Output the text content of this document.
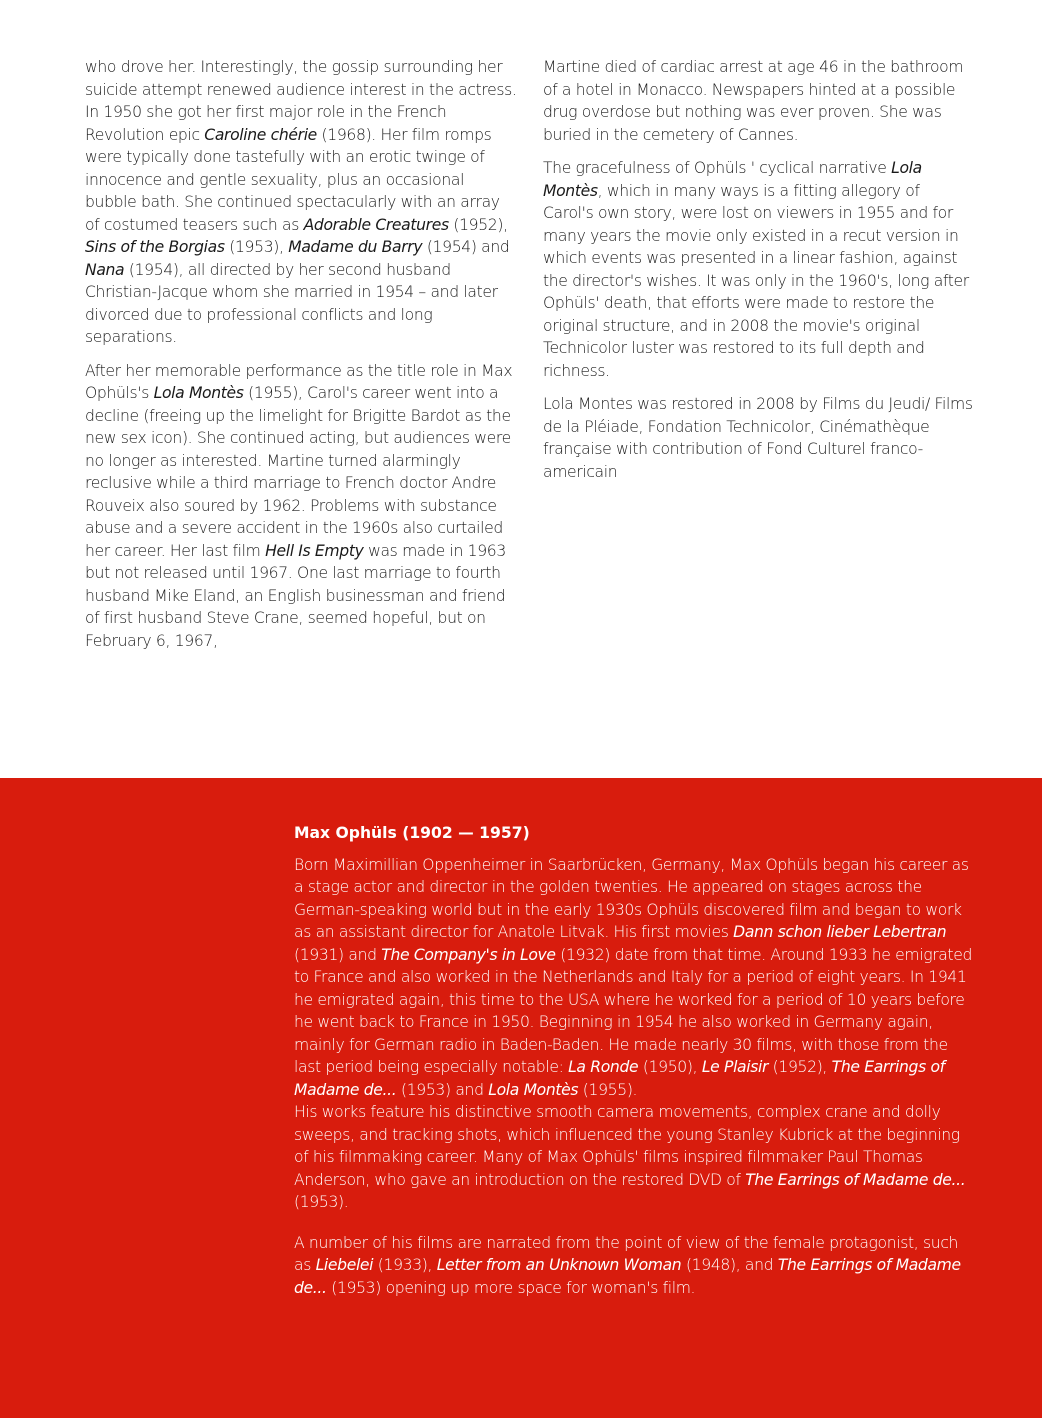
who drove her. Interestingly, the gossip surrounding her suicide attempt renewed audience interest in the actress. In 1950 she got her first major role in the French Revolution epic Caroline chérie (1968). Her film romps were typically done tastefully with an erotic twinge of innocence and gentle sexuality, plus an occasional bubble bath. She continued spectacularly with an array of costumed teasers such as Adorable Creatures (1952), Sins of the Borgias (1953), Madame du Barry (1954) and Nana (1954), all directed by her second husband Christian-Jacque whom she married in 1954 – and later divorced due to professional conflicts and long separations.

After her memorable performance as the title role in Max Ophüls's Lola Montès (1955), Carol's career went into a decline (freeing up the limelight for Brigitte Bardot as the new sex icon). She continued acting, but audiences were no longer as interested. Martine turned alarmingly reclusive while a third marriage to French doctor Andre Rouveix also soured by 1962. Problems with substance abuse and a severe accident in the 1960s also curtailed her career. Her last film Hell Is Empty was made in 1963 but not released until 1967. One last marriage to fourth husband Mike Eland, an English businessman and friend of first husband Steve Crane, seemed hopeful, but on February 6, 1967,

Martine died of cardiac arrest at age 46 in the bathroom of a hotel in Monacco. Newspapers hinted at a possible drug overdose but nothing was ever proven. She was buried in the cemetery of Cannes.

The gracefulness of Ophüls ' cyclical narrative Lola Montès, which in many ways is a fitting allegory of Carol's own story, were lost on viewers in 1955 and for many years the movie only existed in a recut version in which events was presented in a linear fashion, against the director's wishes. It was only in the 1960's, long after Ophüls' death, that efforts were made to restore the original structure, and in 2008 the movie's original Technicolor luster was restored to its full depth and richness.

Lola Montes was restored in 2008 by Films du Jeudi/ Films de la Pléiade, Fondation Technicolor, Cinémathèque française with contribution of Fond Culturel franco-americain

Max Ophüls (1902 — 1957)

Born Maximillian Oppenheimer in Saarbrücken, Germany, Max Ophüls began his career as a stage actor and director in the golden twenties. He appeared on stages across the German-speaking world but in the early 1930s Ophüls discovered film and began to work as an assistant director for Anatole Litvak. His first movies Dann schon lieber Lebertran (1931) and The Company's in Love (1932) date from that time. Around 1933 he emigrated to France and also worked in the Netherlands and Italy for a period of eight years. In 1941 he emigrated again, this time to the USA where he worked for a period of 10 years before he went back to France in 1950. Beginning in 1954 he also worked in Germany again, mainly for German radio in Baden-Baden. He made nearly 30 films, with those from the last period being especially notable: La Ronde (1950), Le Plaisir (1952), The Earrings of Madame de... (1953) and Lola Montès (1955).

His works feature his distinctive smooth camera movements, complex crane and dolly sweeps, and tracking shots, which influenced the young Stanley Kubrick at the beginning of his filmmaking career. Many of Max Ophüls' films inspired filmmaker Paul Thomas Anderson, who gave an introduction on the restored DVD of The Earrings of Madame de... (1953).

A number of his films are narrated from the point of view of the female protagonist, such as Liebelei (1933), Letter from an Unknown Woman (1948), and The Earrings of Madame de... (1953) opening up more space for woman's film.
